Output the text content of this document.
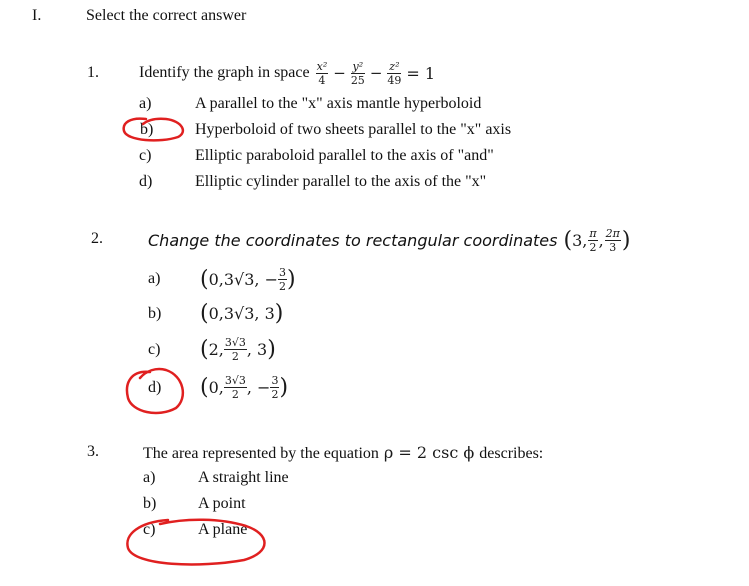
I.	Select the correct answer
1.	Identify the graph in space $\frac{\text{x²}}{4} - \frac{\text{y²}}{25} - \frac{\text{z²}}{49} = 1$
a)	A parallel to the "x" axis mantle hyperboloid
b)	Hyperboloid of two sheets parallel to the "x" axis
c)	Elliptic paraboloid parallel to the axis of "and"
d)	Elliptic cylinder parallel to the axis of the "x"
2.	Change the coordinates to rectangular coordinates ( 3, $\frac{\pi}{2}$ , $\frac{2\pi}{3}$ )
a) ( 0,3√3, − $\frac{3}{2}$ )
b) ( 0,3√3, 3 )
c) ( 2, $\frac{3√3}{2}$ , 3 )
d) ( 0, $\frac{3√3}{2}$ , − $\frac{3}{2}$ )
3.	The area represented by the equation ρ = 2 csc ϕ describes:
a)	A straight line
b)	A point
c)	A plane
